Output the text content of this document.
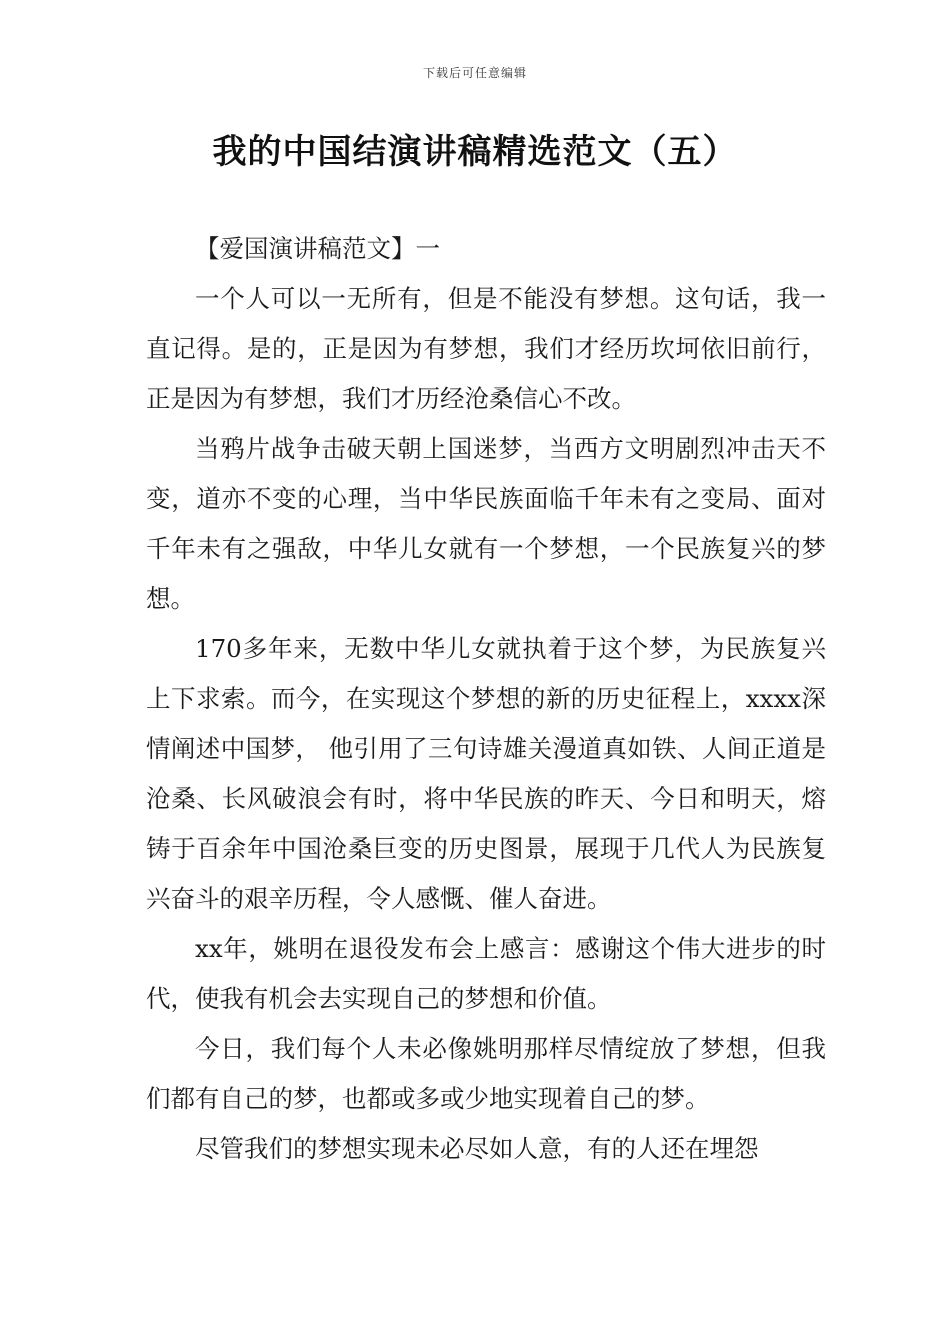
下载后可任意编辑
我的中国结演讲稿精选范文（五）

【爱国演讲稿范文】一

一个人可以一无所有，但是不能没有梦想。这句话，我一直记得。是的，正是因为有梦想，我们才经历坎坷依旧前行，正是因为有梦想，我们才历经沧桑信心不改。

当鸦片战争击破天朝上国迷梦，当西方文明剧烈冲击天不变，道亦不变的心理，当中华民族面临千年未有之变局、面对千年未有之强敌，中华儿女就有一个梦想，一个民族复兴的梦想。

170多年来，无数中华儿女就执着于这个梦，为民族复兴上下求索。而今，在实现这个梦想的新的历史征程上，xxxx深情阐述中国梦， 他引用了三句诗雄关漫道真如铁、人间正道是沧桑、长风破浪会有时，将中华民族的昨天、今日和明天，熔铸于百余年中国沧桑巨变的历史图景，展现于几代人为民族复兴奋斗的艰辛历程，令人感慨、催人奋进。

xx年，姚明在退役发布会上感言：感谢这个伟大进步的时代，使我有机会去实现自己的梦想和价值。

今日，我们每个人未必像姚明那样尽情绽放了梦想，但我们都有自己的梦，也都或多或少地实现着自己的梦。

尽管我们的梦想实现未必尽如人意，有的人还在埋怨
